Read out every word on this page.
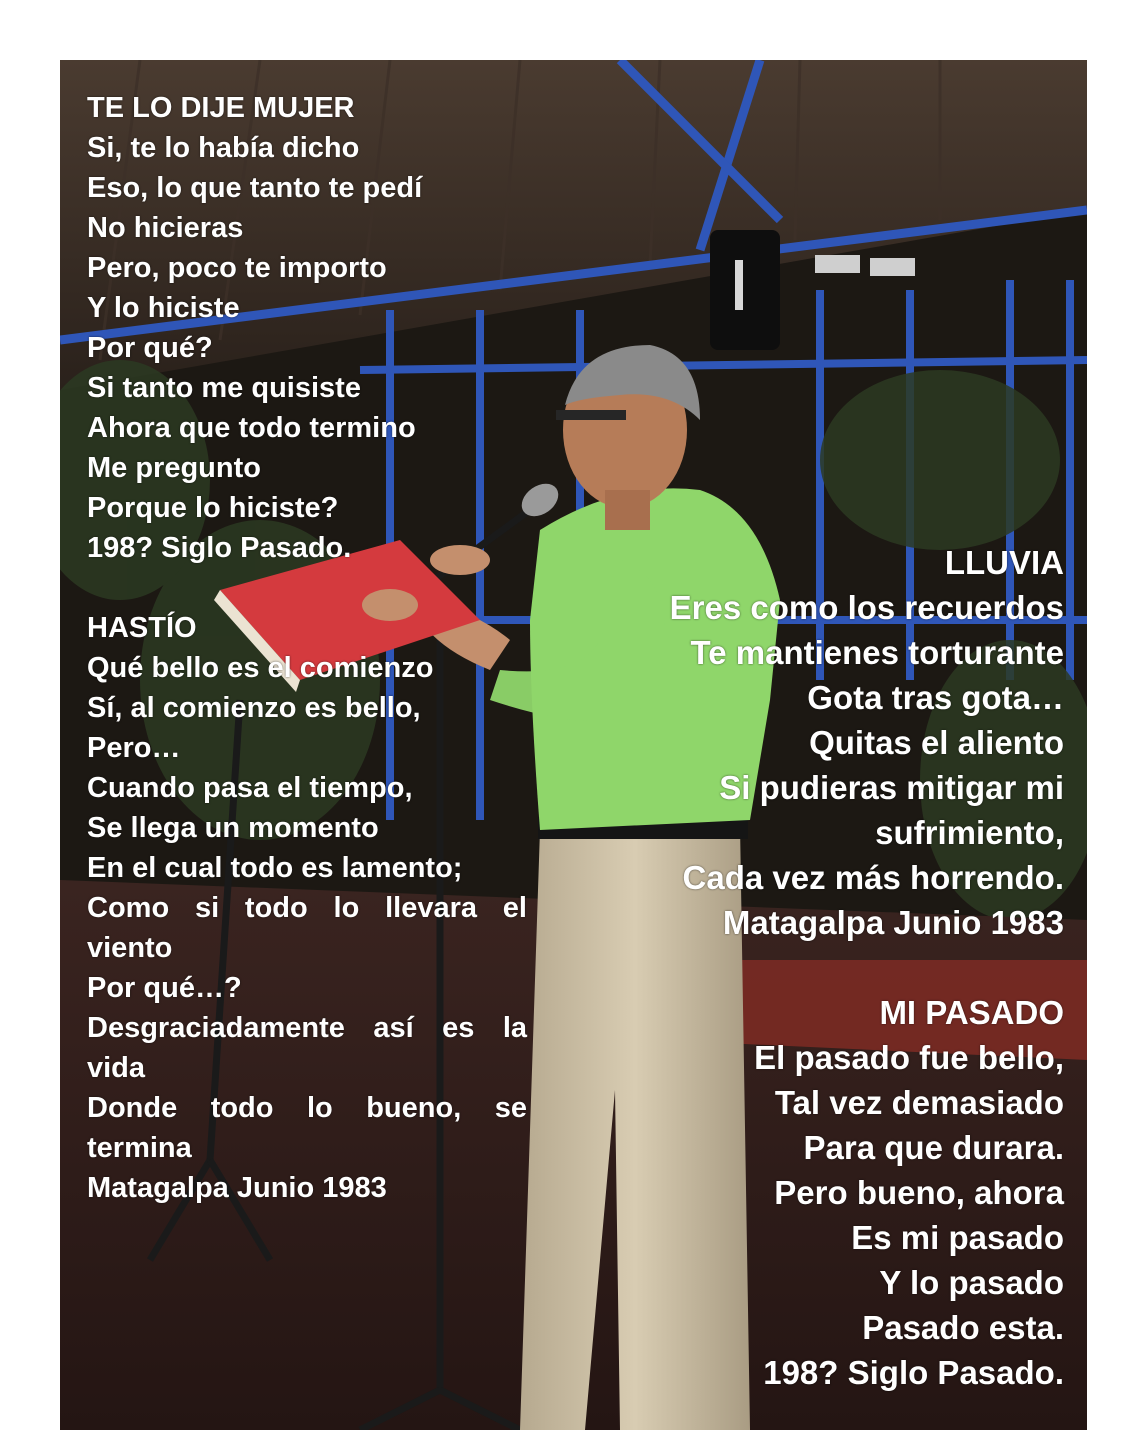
TE LO DIJE MUJER
Si, te lo había dicho
Eso, lo que tanto te pedí
No hicieras
Pero, poco te importo
Y lo hiciste
Por qué?
Si tanto me quisiste
Ahora que todo termino
Me pregunto
Porque lo hiciste?
198? Siglo Pasado.
HASTÍO
Qué bello es el comienzo
Sí, al comienzo es bello,
Pero…
Cuando pasa el tiempo,
Se llega un momento
En el cual todo es lamento;
Como si todo lo llevara el viento
Por qué…?
Desgraciadamente así es la vida
Donde todo lo bueno, se termina
Matagalpa Junio 1983
LLUVIA
Eres como los recuerdos
Te mantienes torturante
Gota tras gota…
Quitas el aliento
Si pudieras mitigar mi sufrimiento,
Cada vez más horrendo.
Matagalpa Junio 1983
MI PASADO
El pasado fue bello,
Tal vez demasiado
Para que durara.
Pero bueno, ahora
Es mi pasado
Y lo pasado
Pasado esta.
198? Siglo Pasado.
